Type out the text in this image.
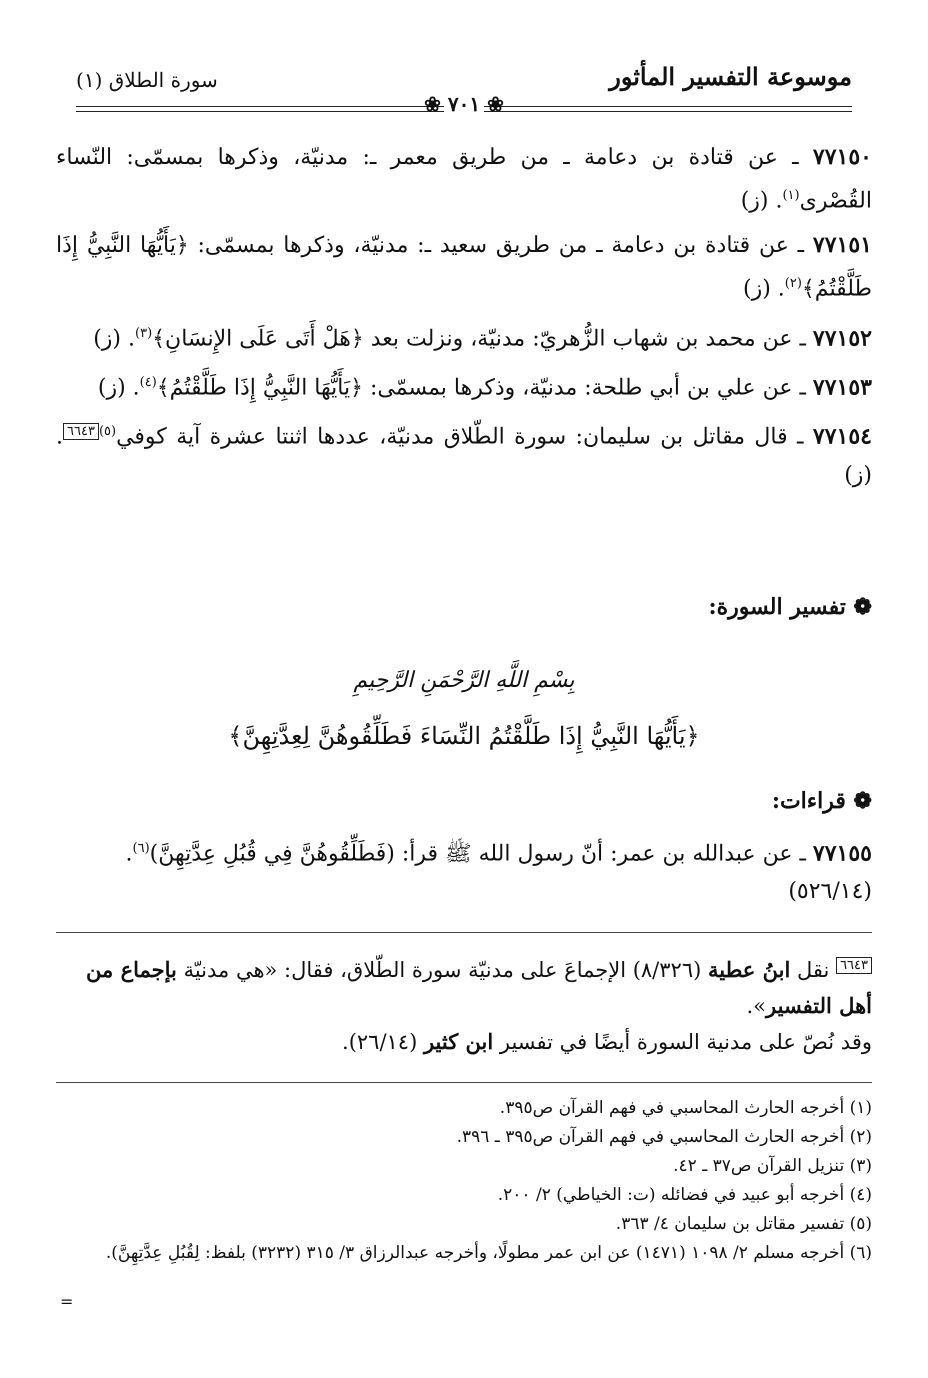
موسوعة التفسير المأثور
سورة الطلاق (١)
❀ ٧٠١ ❀
٧٧١٥٠ ـ عن قتادة بن دعامة ـ من طريق معمر ـ: مدنيّة، وذكرها بمسمّى: النّساء القُصْرى$^{(١)}$. (ز)
٧٧١٥١ ـ عن قتادة بن دعامة ـ من طريق سعيد ـ: مدنيّة، وذكرها بمسمّى: ﴿يَأَيُّهَا النَّبِيُّ إِذَا طَلَّقْتُمُ﴾$^{(٢)}$. (ز)
٧٧١٥٢ ـ عن محمد بن شهاب الزُّهريّ: مدنيّة، ونزلت بعد ﴿هَلْ أَتَى عَلَى الإِنسَانِ﴾$^{(٣)}$. (ز)
٧٧١٥٣ ـ عن علي بن أبي طلحة: مدنيّة، وذكرها بمسمّى: ﴿يَأَيُّهَا النَّبِيُّ إِذَا طَلَّقْتُمُ﴾$^{(٤)}$. (ز)
٧٧١٥٤ ـ قال مقاتل بن سليمان: سورة الطّلاق مدنيّة، عددها اثنتا عشرة آية كوفي$^{(٥)٦٦٤٣}$. (ز)
❁ تفسير السورة:
بِسْمِ اللَّهِ الرَّحْمَنِ الرَّحِيمِ
﴿يَأَيُّهَا النَّبِيُّ إِذَا طَلَّقْتُمُ النِّسَاءَ فَطَلِّقُوهُنَّ لِعِدَّتِهِنَّ﴾
❁ قراءات:
٧٧١٥٥ ـ عن عبدالله بن عمر: أنّ رسول الله ﷺ قرأ: (فَطَلِّقُوهُنَّ فِي قُبُلِ عِدَّتِهِنَّ)$^{(٦)}$. (٥٢٦/١٤)
$^{٦٦٤٣}$ نقل ابنُ عطية (٨/٣٢٦) الإجماعَ على مدنيّة سورة الطّلاق، فقال: «هي مدنيّة بإجماع من أهل التفسير».
وقد نُصّ على مدنية السورة أيضًا في تفسير ابن كثير (٢٦/١٤).

(١) أخرجه الحارث المحاسبي في فهم القرآن ص٣٩٥.

(٢) أخرجه الحارث المحاسبي في فهم القرآن ص٣٩٥ ـ ٣٩٦.

(٣) تنزيل القرآن ص٣٧ ـ ٤٢.

(٤) أخرجه أبو عبيد في فضائله (ت: الخياطي) ٢/ ٢٠٠.

(٥) تفسير مقاتل بن سليمان ٤/ ٣٦٣.

(٦) أخرجه مسلم ٢/ ١٠٩٨ (١٤٧١) عن ابن عمر مطولًا، وأخرجه عبدالرزاق ٣/ ٣١٥ (٣٢٣٢) بلفظ: لِقُبُلِ عِدَّتِهِنَّ).

=
